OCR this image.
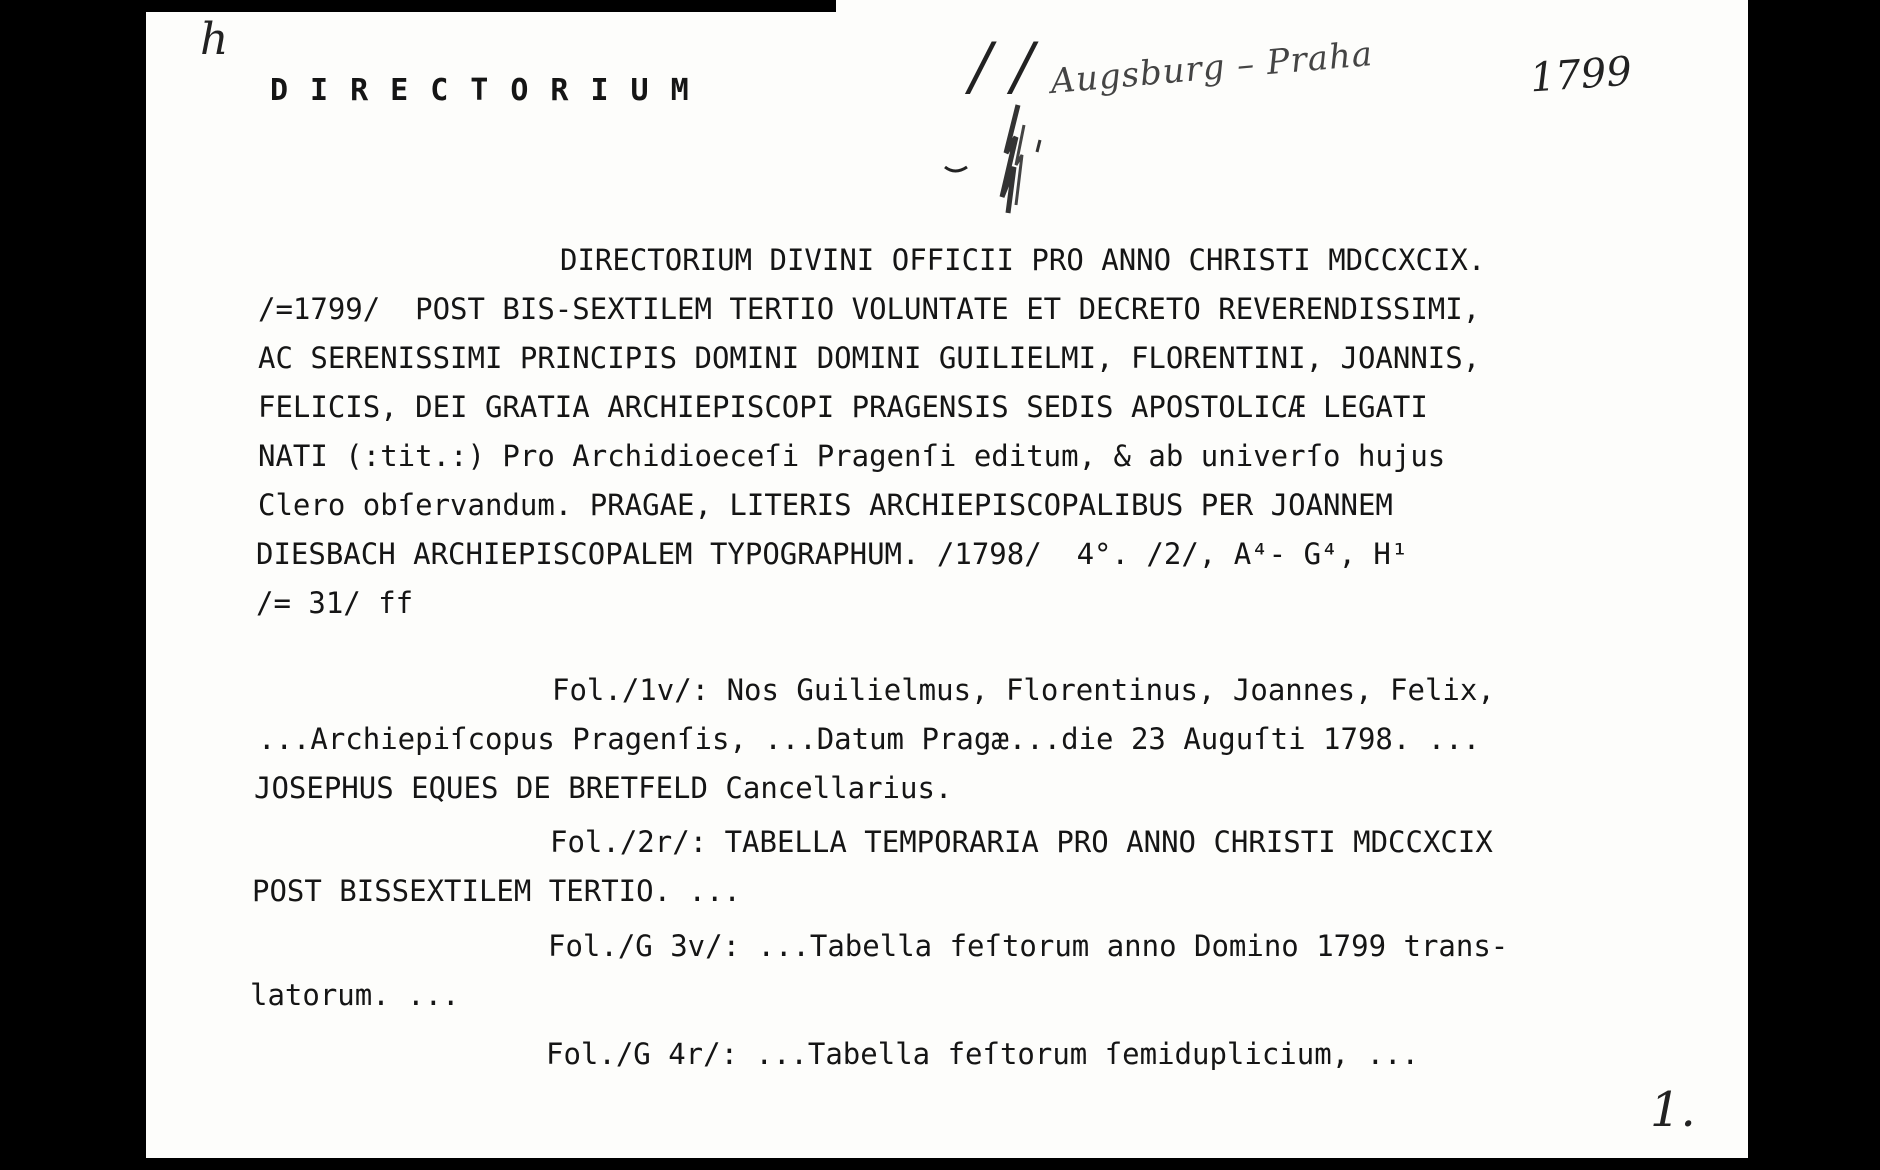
h	/ / Augsburg – Praha	1799
1.
DIRECTORIUM
DIRECTORIUM DIVINI OFFICII PRO ANNO CHRISTI MDCCXCIX.
/=1799/  POST BIS-SEXTILEM TERTIO VOLUNTATE ET DECRETO REVERENDISSIMI,
AC SERENISSIMI PRINCIPIS DOMINI DOMINI GUILIELMI, FLORENTINI, JOANNIS,
FELICIS, DEI GRATIA ARCHIEPISCOPI PRAGENSIS SEDIS APOSTOLICÆ LEGATI
NATI (:tit.:) Pro Archidioeceſi Pragenſi editum, & ab univerſo hujus
Clero obſervandum. PRAGAE, LITERIS ARCHIEPISCOPALIBUS PER JOANNEM
DIESBACH ARCHIEPISCOPALEM TYPOGRAPHUM. /1798/  4°. /2/, A⁴- G⁴, H¹
/= 31/ ff
Fol./1v/: Nos Guilielmus, Florentinus, Joannes, Felix,
...Archiepiſcopus Pragenſis, ...Datum Pragæ...die 23 Auguſti 1798. ...
JOSEPHUS EQUES DE BRETFELD Cancellarius.
Fol./2r/: TABELLA TEMPORARIA PRO ANNO CHRISTI MDCCXCIX
POST BISSEXTILEM TERTIO. ...
Fol./G 3v/: ...Tabella feſtorum anno Domino 1799 trans-
latorum. ...
Fol./G 4r/: ...Tabella feſtorum ſemiduplicium, ...
